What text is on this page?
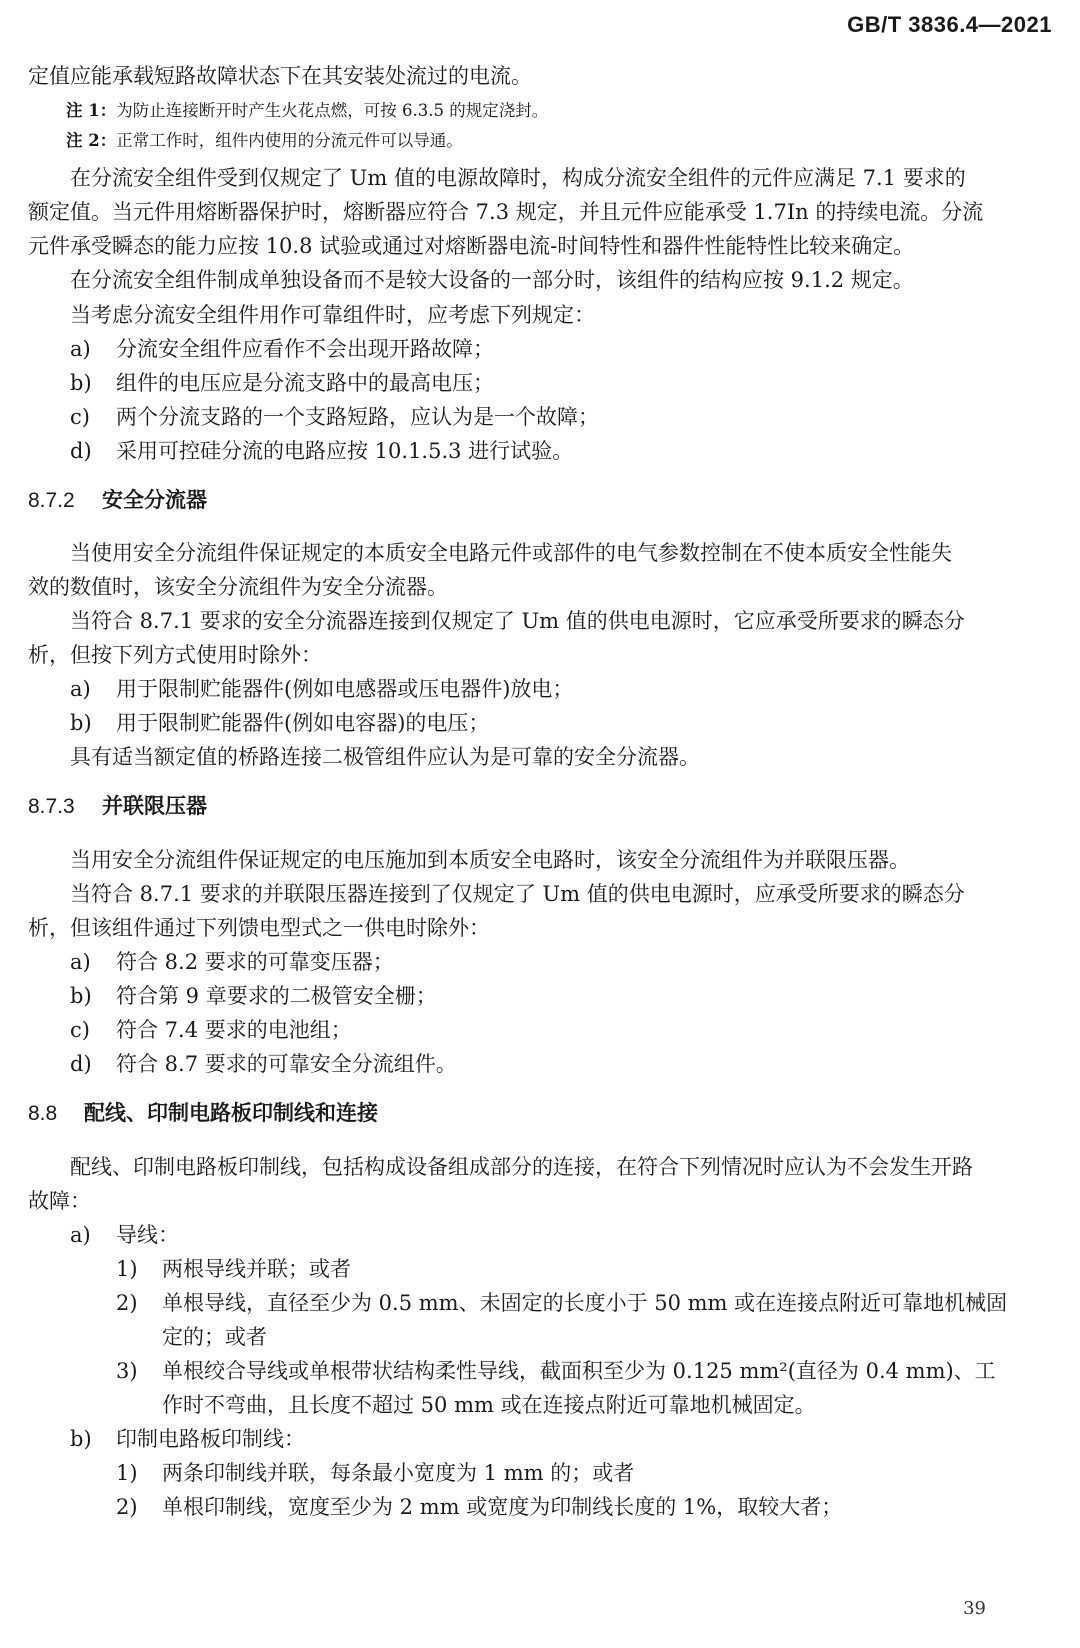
GB/T 3836.4—2021
定值应能承载短路故障状态下在其安装处流过的电流。
注 1：为防止连接断开时产生火花点燃，可按 6.3.5 的规定浇封。
注 2：正常工作时，组件内使用的分流元件可以导通。
在分流安全组件受到仅规定了 Um 值的电源故障时，构成分流安全组件的元件应满足 7.1 要求的
额定值。当元件用熔断器保护时，熔断器应符合 7.3 规定，并且元件应能承受 1.7In 的持续电流。分流
元件承受瞬态的能力应按 10.8 试验或通过对熔断器电流-时间特性和器件性能特性比较来确定。
在分流安全组件制成单独设备而不是较大设备的一部分时，该组件的结构应按 9.1.2 规定。
当考虑分流安全组件用作可靠组件时，应考虑下列规定：
a) 分流安全组件应看作不会出现开路故障；
b) 组件的电压应是分流支路中的最高电压；
c) 两个分流支路的一个支路短路，应认为是一个故障；
d) 采用可控硅分流的电路应按 10.1.5.3 进行试验。
8.7.2 安全分流器
当使用安全分流组件保证规定的本质安全电路元件或部件的电气参数控制在不使本质安全性能失
效的数值时，该安全分流组件为安全分流器。
当符合 8.7.1 要求的安全分流器连接到仅规定了 Um 值的供电电源时，它应承受所要求的瞬态分
析，但按下列方式使用时除外：
a) 用于限制贮能器件(例如电感器或压电器件)放电；
b) 用于限制贮能器件(例如电容器)的电压；
具有适当额定值的桥路连接二极管组件应认为是可靠的安全分流器。
8.7.3 并联限压器
当用安全分流组件保证规定的电压施加到本质安全电路时，该安全分流组件为并联限压器。
当符合 8.7.1 要求的并联限压器连接到了仅规定了 Um 值的供电电源时，应承受所要求的瞬态分
析，但该组件通过下列馈电型式之一供电时除外：
a) 符合 8.2 要求的可靠变压器；
b) 符合第 9 章要求的二极管安全栅；
c) 符合 7.4 要求的电池组；
d) 符合 8.7 要求的可靠安全分流组件。
8.8 配线、印制电路板印制线和连接
配线、印制电路板印制线，包括构成设备组成部分的连接，在符合下列情况时应认为不会发生开路
故障：
a) 导线：
1) 两根导线并联；或者
2) 单根导线，直径至少为 0.5 mm、未固定的长度小于 50 mm 或在连接点附近可靠地机械固
定的；或者
3) 单根绞合导线或单根带状结构柔性导线，截面积至少为 0.125 mm²(直径为 0.4 mm)、工
作时不弯曲，且长度不超过 50 mm 或在连接点附近可靠地机械固定。
b) 印制电路板印制线：
1) 两条印制线并联，每条最小宽度为 1 mm 的；或者
2) 单根印制线，宽度至少为 2 mm 或宽度为印制线长度的 1%，取较大者；
39
